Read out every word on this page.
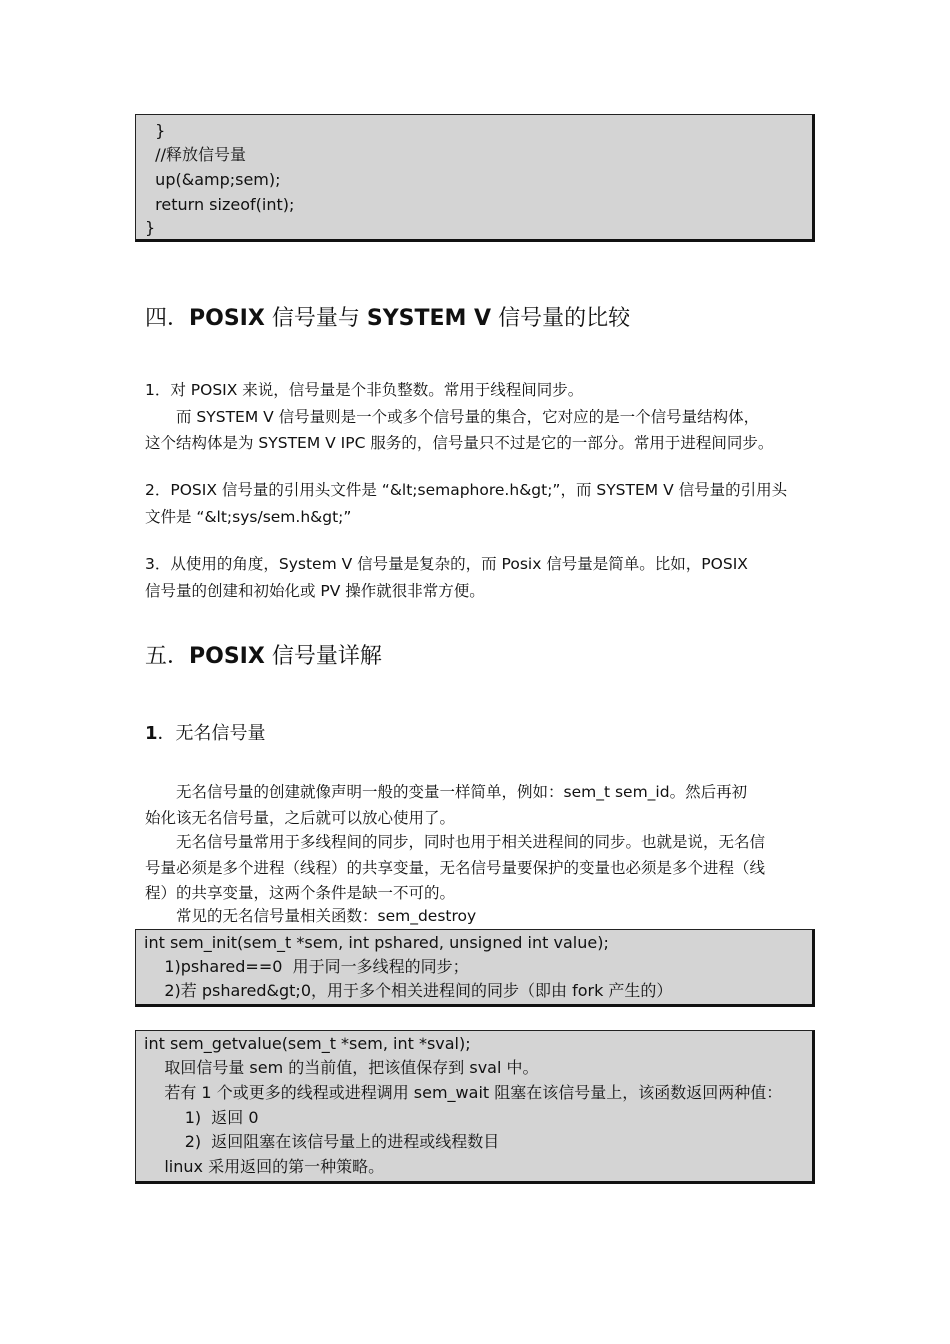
}
//释放信号量
up(&amp;sem);
return sizeof(int);
}
四．POSIX 信号量与 SYSTEM V 信号量的比较
1．对 POSIX 来说，信号量是个非负整数。常用于线程间同步。
　　而 SYSTEM V 信号量则是一个或多个信号量的集合，它对应的是一个信号量结构体，
这个结构体是为 SYSTEM V IPC 服务的，信号量只不过是它的一部分。常用于进程间同步。
2．POSIX 信号量的引用头文件是 “&lt;semaphore.h&gt;”，而 SYSTEM V 信号量的引用头
文件是 “&lt;sys/sem.h&gt;”
3．从使用的角度，System V 信号量是复杂的，而 Posix 信号量是简单。比如，POSIX
信号量的创建和初始化或 PV 操作就很非常方便。
五．POSIX 信号量详解
1．无名信号量
　　无名信号量的创建就像声明一般的变量一样简单，例如：sem_t sem_id。然后再初
始化该无名信号量，之后就可以放心使用了。
　　无名信号量常用于多线程间的同步，同时也用于相关进程间的同步。也就是说，无名信
号量必须是多个进程（线程）的共享变量，无名信号量要保护的变量也必须是多个进程（线
程）的共享变量，这两个条件是缺一不可的。
　　常见的无名信号量相关函数：sem_destroy
int sem_init(sem_t *sem, int pshared, unsigned int value);
1)pshared==0  用于同一多线程的同步；
2)若 pshared&gt;0，用于多个相关进程间的同步（即由 fork 产生的）
int sem_getvalue(sem_t *sem, int *sval);
取回信号量 sem 的当前值，把该值保存到 sval 中。
若有 1 个或更多的线程或进程调用 sem_wait 阻塞在该信号量上，该函数返回两种值：
1)  返回 0
2)  返回阻塞在该信号量上的进程或线程数目
linux 采用返回的第一种策略。
